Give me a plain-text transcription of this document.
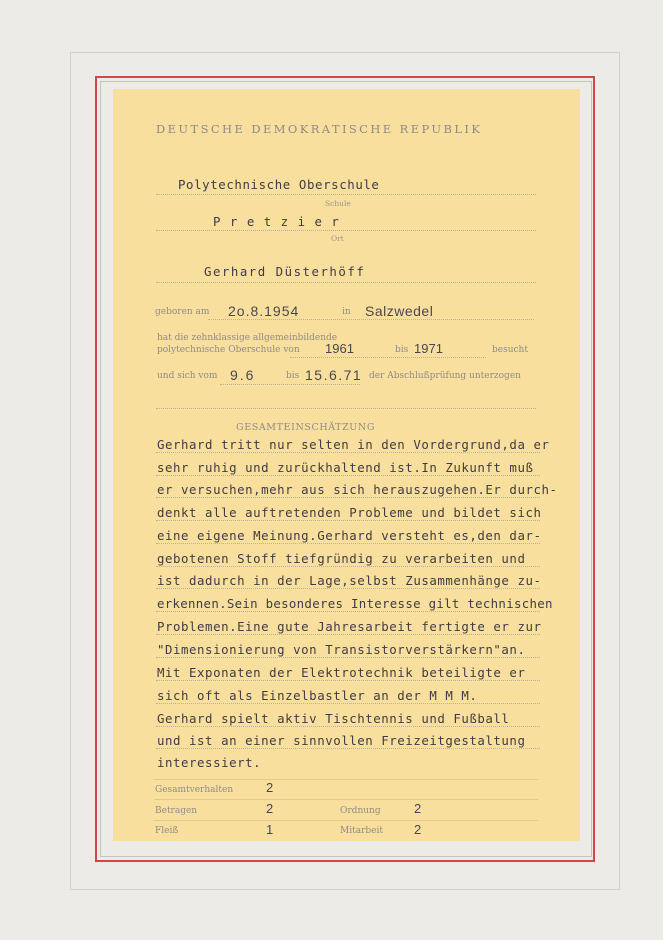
DEUTSCHE DEMOKRATISCHE REPUBLIK
Polytechnische Oberschule
Schule
P r e t z i e r
Ort
Gerhard Düsterhöff
geboren am 2o.8.1954	in Salzwedel
hat die zehnklassige allgemeinbildende
polytechnische Oberschule von 1961	bis 1971	besucht
und sich vom 9.6	bis 15.6.71 der Abschlußprüfung unterzogen
GESAMTEINSCHÄTZUNG
Gerhard tritt nur selten in den Vordergrund,da er
sehr ruhig und zurückhaltend ist.In Zukunft muß
er versuchen,mehr aus sich herauszugehen.Er durch-
denkt alle auftretenden Probleme und bildet sich
eine eigene Meinung.Gerhard versteht es,den dar-
gebotenen Stoff tiefgründig zu verarbeiten und
ist dadurch in der Lage,selbst Zusammenhänge zu-
erkennen.Sein besonderes Interesse gilt technischen
Problemen.Eine gute Jahresarbeit fertigte er zur
"Dimensionierung von Transistorverstärkern"an.
Mit Exponaten der Elektrotechnik beteiligte er
sich oft als Einzelbastler an der M M M.
Gerhard spielt aktiv Tischtennis und Fußball
und ist an einer sinnvollen Freizeitgestaltung
interessiert.
Gesamtverhalten	2
Betragen	2	Ordnung	2
Fleiß	1	Mitarbeit 2
